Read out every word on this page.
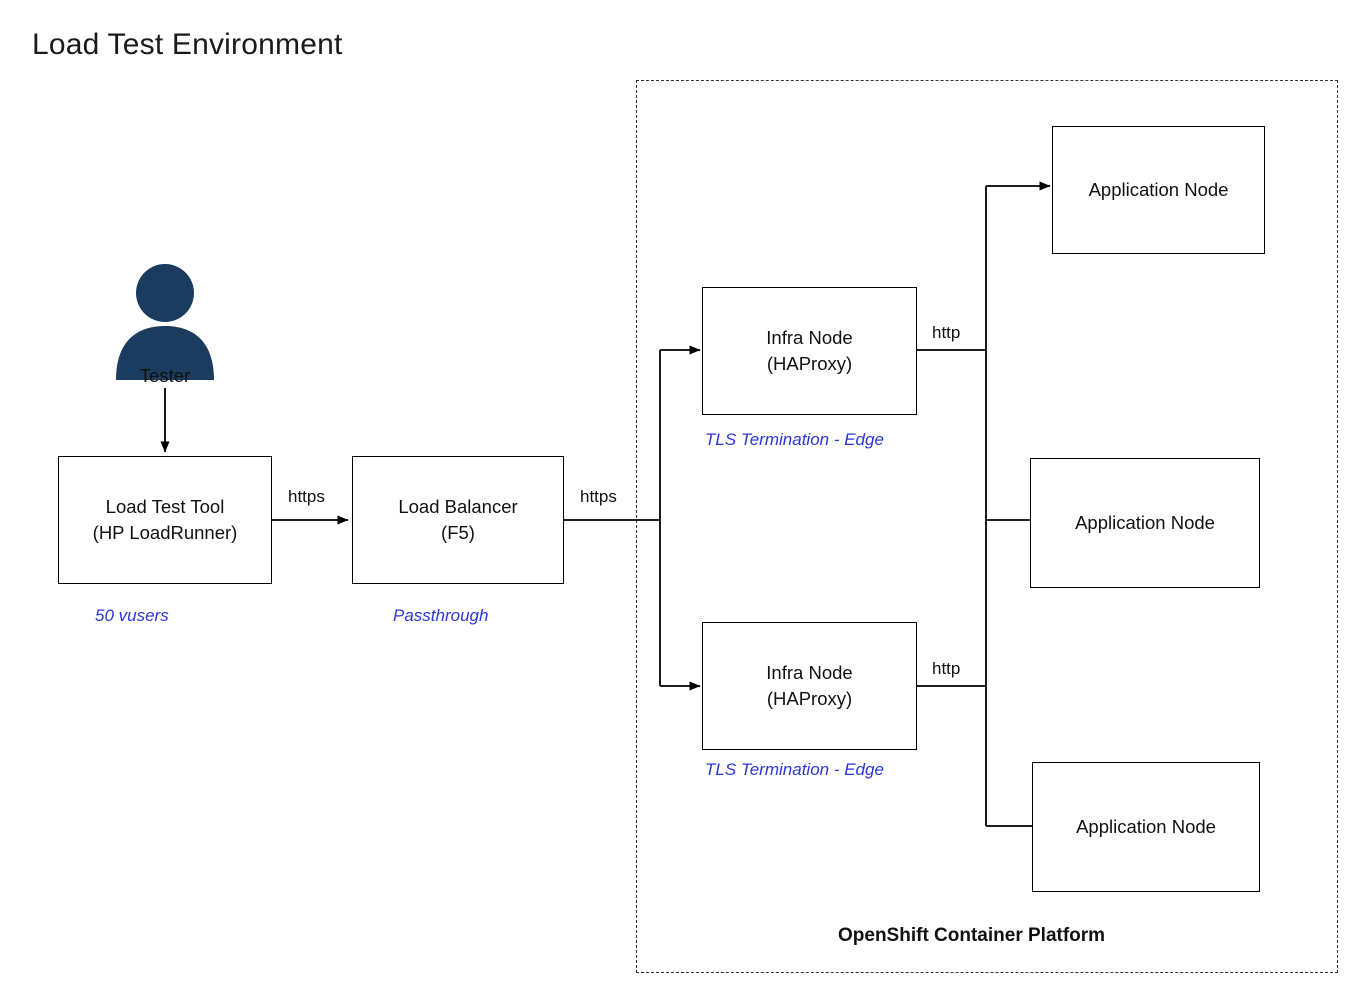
Load Test Environment
OpenShift Container Platform
Tester
Load Test Tool
(HP LoadRunner)
50 vusers
https	Load Balancer
(F5)
Passthrough
https
Infra Node
(HAProxy)
TLS Termination - Edge
Infra Node
(HAProxy)
TLS Termination - Edge
http
http
Application Node
Application Node
Application Node
